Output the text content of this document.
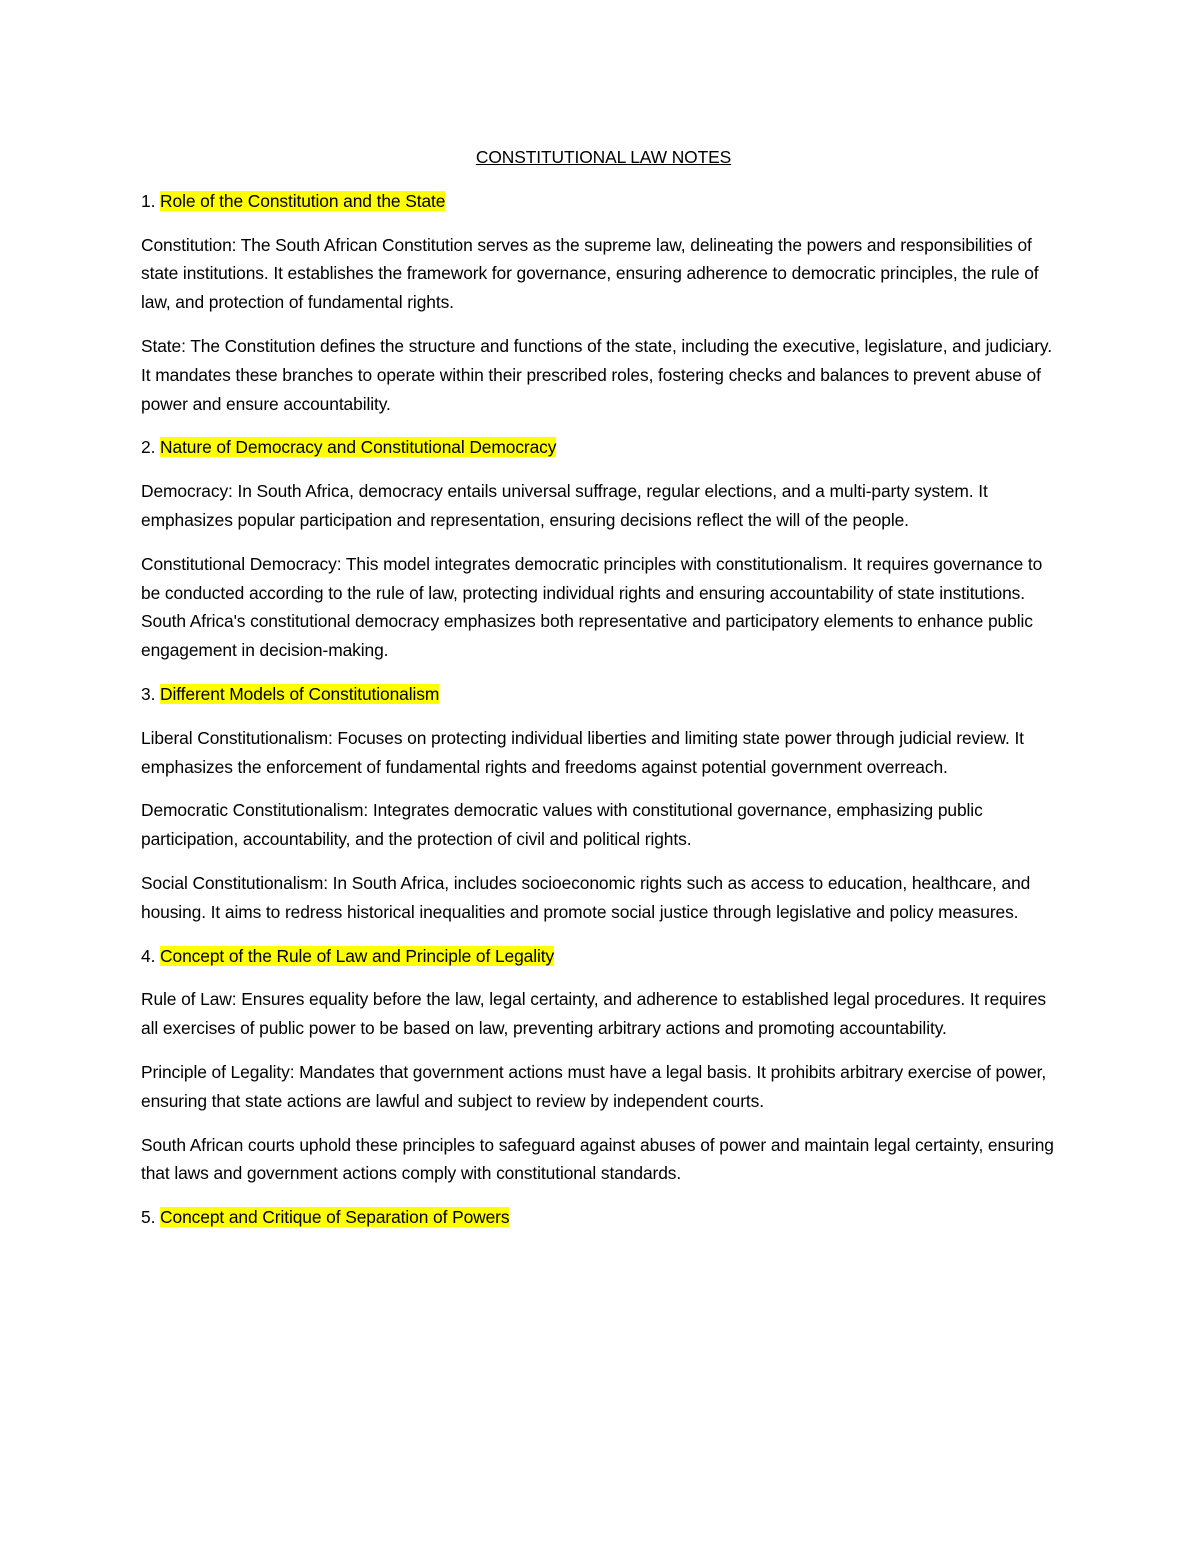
CONSTITUTIONAL LAW NOTES
1. Role of the Constitution and the State

Constitution: The South African Constitution serves as the supreme law, delineating the powers and responsibilities of state institutions. It establishes the framework for governance, ensuring adherence to democratic principles, the rule of law, and protection of fundamental rights.

State: The Constitution defines the structure and functions of the state, including the executive, legislature, and judiciary. It mandates these branches to operate within their prescribed roles, fostering checks and balances to prevent abuse of power and ensure accountability.

2. Nature of Democracy and Constitutional Democracy

Democracy: In South Africa, democracy entails universal suffrage, regular elections, and a multi-party system. It emphasizes popular participation and representation, ensuring decisions reflect the will of the people.

Constitutional Democracy: This model integrates democratic principles with constitutionalism. It requires governance to be conducted according to the rule of law, protecting individual rights and ensuring accountability of state institutions. South Africa's constitutional democracy emphasizes both representative and participatory elements to enhance public engagement in decision-making.

3. Different Models of Constitutionalism

Liberal Constitutionalism: Focuses on protecting individual liberties and limiting state power through judicial review. It emphasizes the enforcement of fundamental rights and freedoms against potential government overreach.

Democratic Constitutionalism: Integrates democratic values with constitutional governance, emphasizing public participation, accountability, and the protection of civil and political rights.

Social Constitutionalism: In South Africa, includes socioeconomic rights such as access to education, healthcare, and housing. It aims to redress historical inequalities and promote social justice through legislative and policy measures.

4. Concept of the Rule of Law and Principle of Legality

Rule of Law: Ensures equality before the law, legal certainty, and adherence to established legal procedures. It requires all exercises of public power to be based on law, preventing arbitrary actions and promoting accountability.

Principle of Legality: Mandates that government actions must have a legal basis. It prohibits arbitrary exercise of power, ensuring that state actions are lawful and subject to review by independent courts.

South African courts uphold these principles to safeguard against abuses of power and maintain legal certainty, ensuring that laws and government actions comply with constitutional standards.

5. Concept and Critique of Separation of Powers
